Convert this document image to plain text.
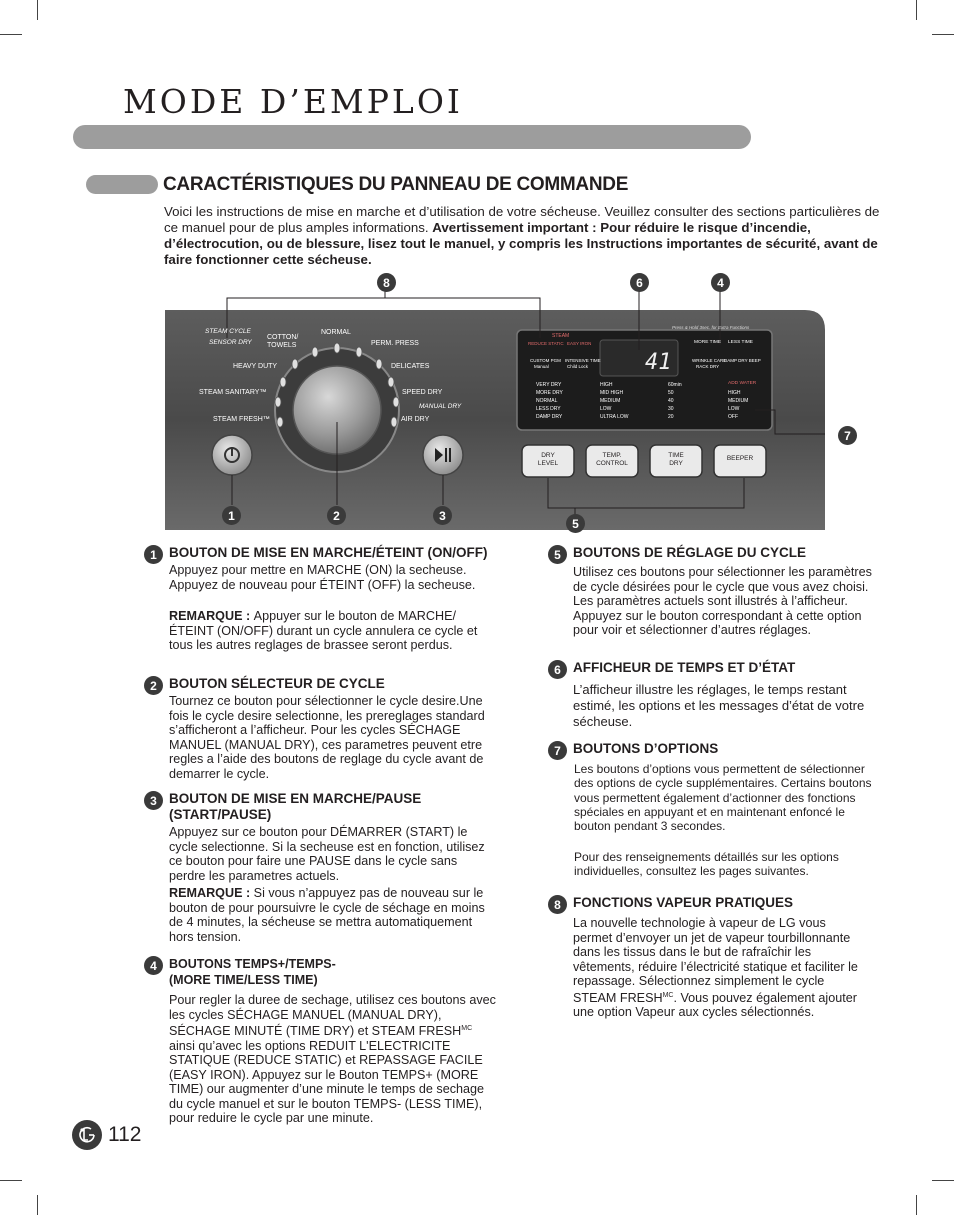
MODE D’EMPLOI
CARACTÉRISTIQUES DU PANNEAU DE COMMANDE
Voici les instructions de mise en marche et d’utilisation de votre sécheuse. Veuillez consulter des sections particulières de ce manuel pour de plus amples informations. Avertissement important : Pour réduire le risque d’incendie, d’électrocution, ou de blessure, lisez tout le manuel, y compris les Instructions importantes de sécurité, avant de faire fonctionner cette sécheuse.
STEAM CYCLE
SENSOR DRY
COTTON/
TOWELS
NORMAL
PERM. PRESS
HEAVY DUTY	DELICATES
STEAM SANITARY™	SPEED DRY
MANUAL DRY
STEAM FRESH™	AIR DRY
Press & Hold 3sec. for Extra Functions
STEAM
REDUCE STATIC EASY IRON
CUSTOM PGM INTENSIVE TIME
Manual	Child Lock
MORE TIME LESS TIME
WRINKLE CARE
DAMP DRY BEEP
RACK DRY
41
ADD WATER
VERY DRY
MORE DRY
NORMAL
LESS DRY
DAMP DRY
HIGH
MID HIGH
MEDIUM
LOW
ULTRA LOW
60min
50
40
30
20
HIGH
MEDIUM
LOW
OFF
DRY
LEVEL
TEMP.
CONTROL
TIME
DRY
BEEPER
8	6	4
7
1	2	3
5
1 BOUTON DE MISE EN MARCHE/ÉTEINT (ON/OFF)

Appuyez pour mettre en MARCHE (ON) la secheuse. Appuyez de nouveau pour ÉTEINT (OFF) la secheuse.

REMARQUE : Appuyer sur le bouton de MARCHE/ ÉTEINT (ON/OFF) durant un cycle annulera ce cycle et tous les autres reglages de brassee seront perdus.

2 BOUTON SÉLECTEUR DE CYCLE

Tournez ce bouton pour sélectionner le cycle desire.Une fois le cycle desire selectionne, les prereglages standard s’afficheront a l’afficheur. Pour les cycles SÉCHAGE MANUEL (MANUAL DRY), ces parametres peuvent etre regles a l’aide des boutons de reglage du cycle avant de demarrer le cycle.

3 BOUTON DE MISE EN MARCHE/PAUSE
(START/PAUSE)

Appuyez sur ce bouton pour DÉMARRER (START) le cycle selectionne. Si la secheuse est en fonction, utilisez ce bouton pour faire une PAUSE dans le cycle sans perdre les parametres actuels.

REMARQUE : Si vous n’appuyez pas de nouveau sur le bouton de pour poursuivre le cycle de séchage en moins de 4 minutes, la sécheuse se mettra automatiquement hors tension.

4 BOUTONS TEMPS+/TEMPS-
(MORE TIME/LESS TIME)

Pour regler la duree de sechage, utilisez ces boutons avec les cycles SÉCHAGE MANUEL (MANUAL DRY), SÉCHAGE MINUTÉ (TIME DRY) et STEAM $FRESH^{MC}$ ainsi qu’avec les options REDUIT L'ELECTRICITE STATIQUE (REDUCE STATIC) et REPASSAGE FACILE (EASY IRON). Appuyez sur le Bouton TEMPS+ (MORE TIME) our augmenter d’une minute le temps de sechage du cycle manuel et sur le bouton TEMPS- (LESS TIME), pour reduire le cycle par une minute.

5 BOUTONS DE RÉGLAGE DU CYCLE

Utilisez ces boutons pour sélectionner les paramètres de cycle désirées pour le cycle que vous avez choisi. Les paramètres actuels sont illustrés à l’afficheur. Appuyez sur le bouton correspondant à cette option pour voir et sélectionner d’autres réglages.

6 AFFICHEUR DE TEMPS ET D’ÉTAT

L’afficheur illustre les réglages, le temps restant estimé, les options et les messages d’état de votre sécheuse.

7 BOUTONS D’OPTIONS

Les boutons d’options vous permettent de sélectionner des options de cycle supplémentaires. Certains boutons vous permettent également d’actionner des fonctions spéciales en appuyant et en maintenant enfoncé le bouton pendant 3 secondes.

Pour des renseignements détaillés sur les options individuelles, consultez les pages suivantes.

8 FONCTIONS VAPEUR PRATIQUES

La nouvelle technologie à vapeur de LG vous permet d’envoyer un jet de vapeur tourbillonnante dans les tissus dans le but de rafraîchir les vêtements, réduire l’électricité statique et faciliter le repassage. Sélectionnez simplement le cycle STEAM $FRESH^{MC}$. Vous pouvez également ajouter une option Vapeur aux cycles sélectionnés.

112
